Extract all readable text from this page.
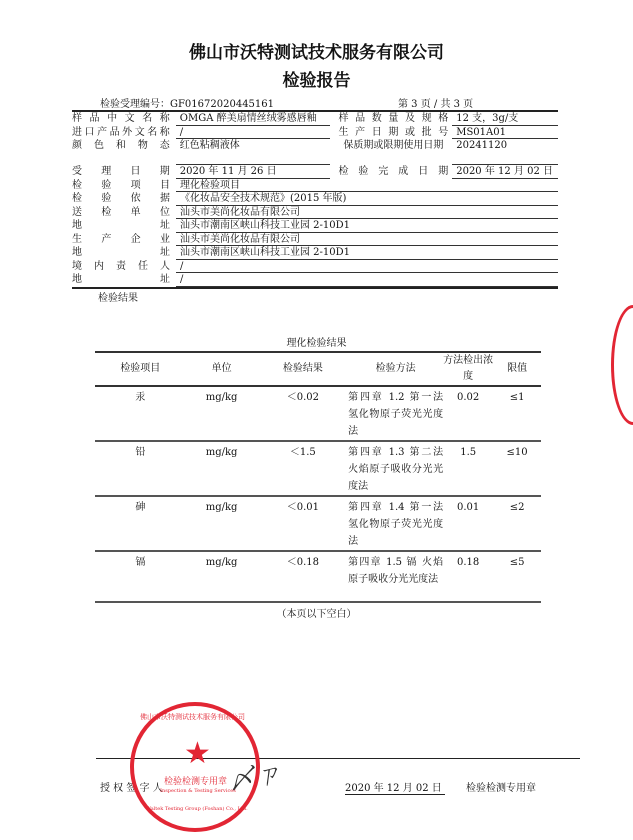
佛山市沃特测试技术服务有限公司
检验报告
检验受理编号：GF01672020445161	第 3 页 / 共 3 页
样品中文名称	OMGA 醉美扇情丝绒雾感唇釉	样品数量及规格 12 支，3g/支
进口产品外文名称	/	生产日期或批号 MS01A01
颜色和物态	红色粘稠液体	保质期或限期使用日期	20241120
受理日期	2020 年 11 月 26 日	检验完成日期 2020 年 12 月 02 日
检验项目	理化检验项目
检验依据	《化妆品安全技术规范》(2015 年版)
送检单位	汕头市美尚化妆品有限公司
地址	汕头市潮南区峡山科技工业园 2-10D1
生产企业	汕头市美尚化妆品有限公司
地址	汕头市潮南区峡山科技工业园 2-10D1
境内责任人	/
地址	/
检验结果
理化检验结果
检验项目	单位	检验结果	检验方法	方法检出浓度	限值
汞	mg/kg	＜0.02	第四章 1.2 第一法 氢化物原子荧光光度法	0.02	≤1
铅	mg/kg	＜1.5	第四章 1.3 第二法 火焰原子吸收分光光度法	1.5	≤10
砷	mg/kg	＜0.01	第四章 1.4 第一法 氢化物原子荧光光度法	0.01	≤2
镉	mg/kg	＜0.18	第四章 1.5 镉 火焰原子吸收分光光度法	0.18	≤5
（本页以下空白）
授 权 签 字 人	2020 年 12 月 02 日	检验检测专用章
〆ㄗ
★
佛山市沃特测试技术服务有限公司
检验检测专用章
Inspection & Testing Services
Waltek Testing Group (Foshan) Co., Ltd.
